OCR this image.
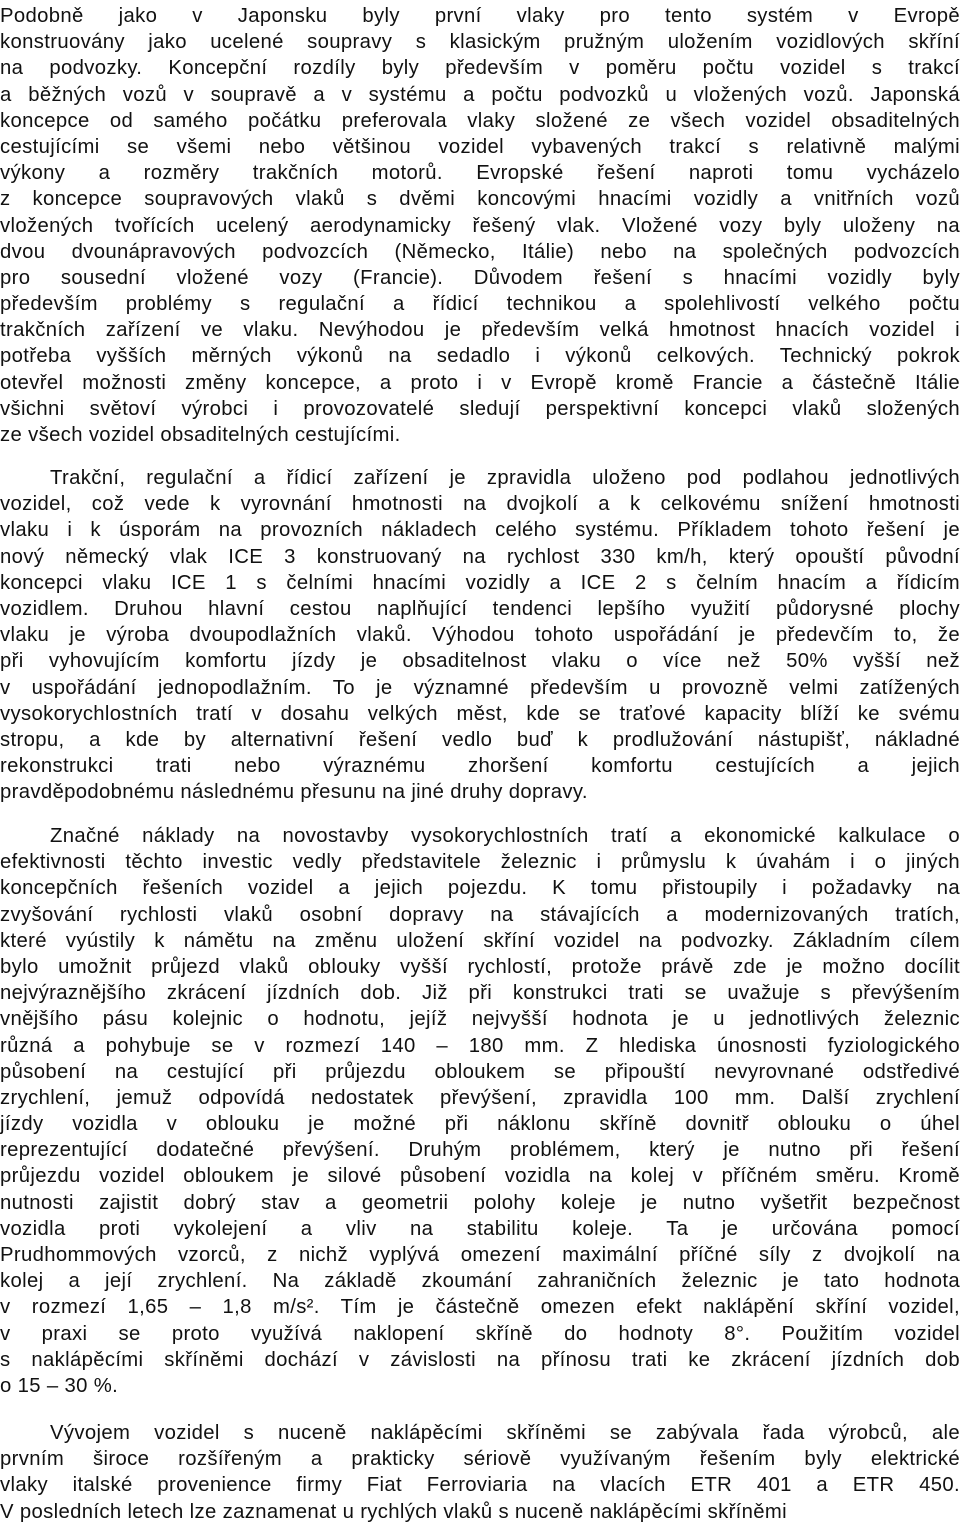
Podobně jako v Japonsku byly první vlaky pro tento systém v Evropě
konstruovány jako ucelené soupravy s klasickým pružným uložením vozidlových skříní
na podvozky. Koncepční rozdíly byly především v poměru počtu vozidel s trakcí
a běžných vozů v soupravě a v systému a počtu podvozků u vložených vozů. Japonská
koncepce od samého počátku preferovala vlaky složené ze všech vozidel obsaditelných
cestujícími se všemi nebo většinou vozidel vybavených trakcí s relativně malými
výkony a rozměry trakčních motorů. Evropské řešení naproti tomu vycházelo
z koncepce soupravových vlaků s dvěmi koncovými hnacími vozidly a vnitřních vozů
vložených tvořících ucelený aerodynamicky řešený vlak. Vložené vozy byly uloženy na
dvou dvounápravových podvozcích (Německo, Itálie) nebo na společných podvozcích
pro sousední vložené vozy (Francie). Důvodem řešení s hnacími vozidly byly
především problémy s regulační a řídicí technikou a spolehlivostí velkého počtu
trakčních zařízení ve vlaku. Nevýhodou je především velká hmotnost hnacích vozidel i
potřeba vyšších měrných výkonů na sedadlo i výkonů celkových. Technický pokrok
otevřel možnosti změny koncepce, a proto i v Evropě kromě Francie a částečně Itálie
všichni světoví výrobci i provozovatelé sledují perspektivní koncepci vlaků složených
ze všech vozidel obsaditelných cestujícími.
Trakční, regulační a řídicí zařízení je zpravidla uloženo pod podlahou jednotlivých
vozidel, což vede k vyrovnání hmotnosti na dvojkolí a k celkovému snížení hmotnosti
vlaku i k úsporám na provozních nákladech celého systému. Příkladem tohoto řešení je
nový německý vlak ICE 3 konstruovaný na rychlost 330 km/h, který opouští původní
koncepci vlaku ICE 1 s čelními hnacími vozidly a ICE 2 s čelním hnacím a řídicím
vozidlem. Druhou hlavní cestou naplňující tendenci lepšího využití půdorysné plochy
vlaku je výroba dvoupodlažních vlaků. Výhodou tohoto uspořádání je předevčím to, že
při vyhovujícím komfortu jízdy je obsaditelnost vlaku o více než 50% vyšší než
v uspořádání jednopodlažním. To je významné především u provozně velmi zatížených
vysokorychlostních tratí v dosahu velkých měst, kde se traťové kapacity blíží ke svému
stropu, a kde by alternativní řešení vedlo buď k prodlužování nástupišť, nákladné
rekonstrukci trati nebo výraznému zhoršení komfortu cestujících a jejich
pravděpodobnému následnému přesunu na jiné druhy dopravy.
Značné náklady na novostavby vysokorychlostních tratí a ekonomické kalkulace o
efektivnosti těchto investic vedly představitele železnic i průmyslu k úvahám i o jiných
koncepčních řešeních vozidel a jejich pojezdu. K tomu přistoupily i požadavky na
zvyšování rychlosti vlaků osobní dopravy na stávajících a modernizovaných tratích,
které vyústily k námětu na změnu uložení skříní vozidel na podvozky. Základním cílem
bylo umožnit průjezd vlaků oblouky vyšší rychlostí, protože právě zde je možno docílit
nejvýraznějšího zkrácení jízdních dob. Již při konstrukci trati se uvažuje s převýšením
vnějšího pásu kolejnic o hodnotu, jejíž nejvyšší hodnota je u jednotlivých železnic
různá a pohybuje se v rozmezí 140 – 180 mm. Z hlediska únosnosti fyziologického
působení na cestující při průjezdu obloukem se připouští nevyrovnané odstředivé
zrychlení, jemuž odpovídá nedostatek převýšení, zpravidla 100 mm. Další zrychlení
jízdy vozidla v oblouku je možné při náklonu skříně dovnitř oblouku o úhel
reprezentující dodatečné převýšení. Druhým problémem, který je nutno při řešení
průjezdu vozidel obloukem je silové působení vozidla na kolej v příčném směru. Kromě
nutnosti zajistit dobrý stav a geometrii polohy koleje je nutno vyšetřit bezpečnost
vozidla proti vykolejení a vliv na stabilitu koleje. Ta je určována pomocí
Prudhommových vzorců, z nichž vyplývá omezení maximální příčné síly z dvojkolí na
kolej a její zrychlení. Na základě zkoumání zahraničních železnic je tato hodnota
v rozmezí 1,65 – 1,8 m/s². Tím je částečně omezen efekt naklápění skříní vozidel,
v praxi se proto využívá naklopení skříně do hodnoty 8°. Použitím vozidel
s naklápěcími skříněmi dochází v závislosti na přínosu trati ke zkrácení jízdních dob
o 15 – 30 %.
Vývojem vozidel s nuceně naklápěcími skříněmi se zabývala řada výrobců, ale
prvním široce rozšířeným a prakticky sériově využívaným řešením byly elektrické
vlaky italské provenience firmy Fiat Ferroviaria na vlacích ETR 401 a ETR 450.
V posledních letech lze zaznamenat u rychlých vlaků s nuceně naklápěcími skříněmi
